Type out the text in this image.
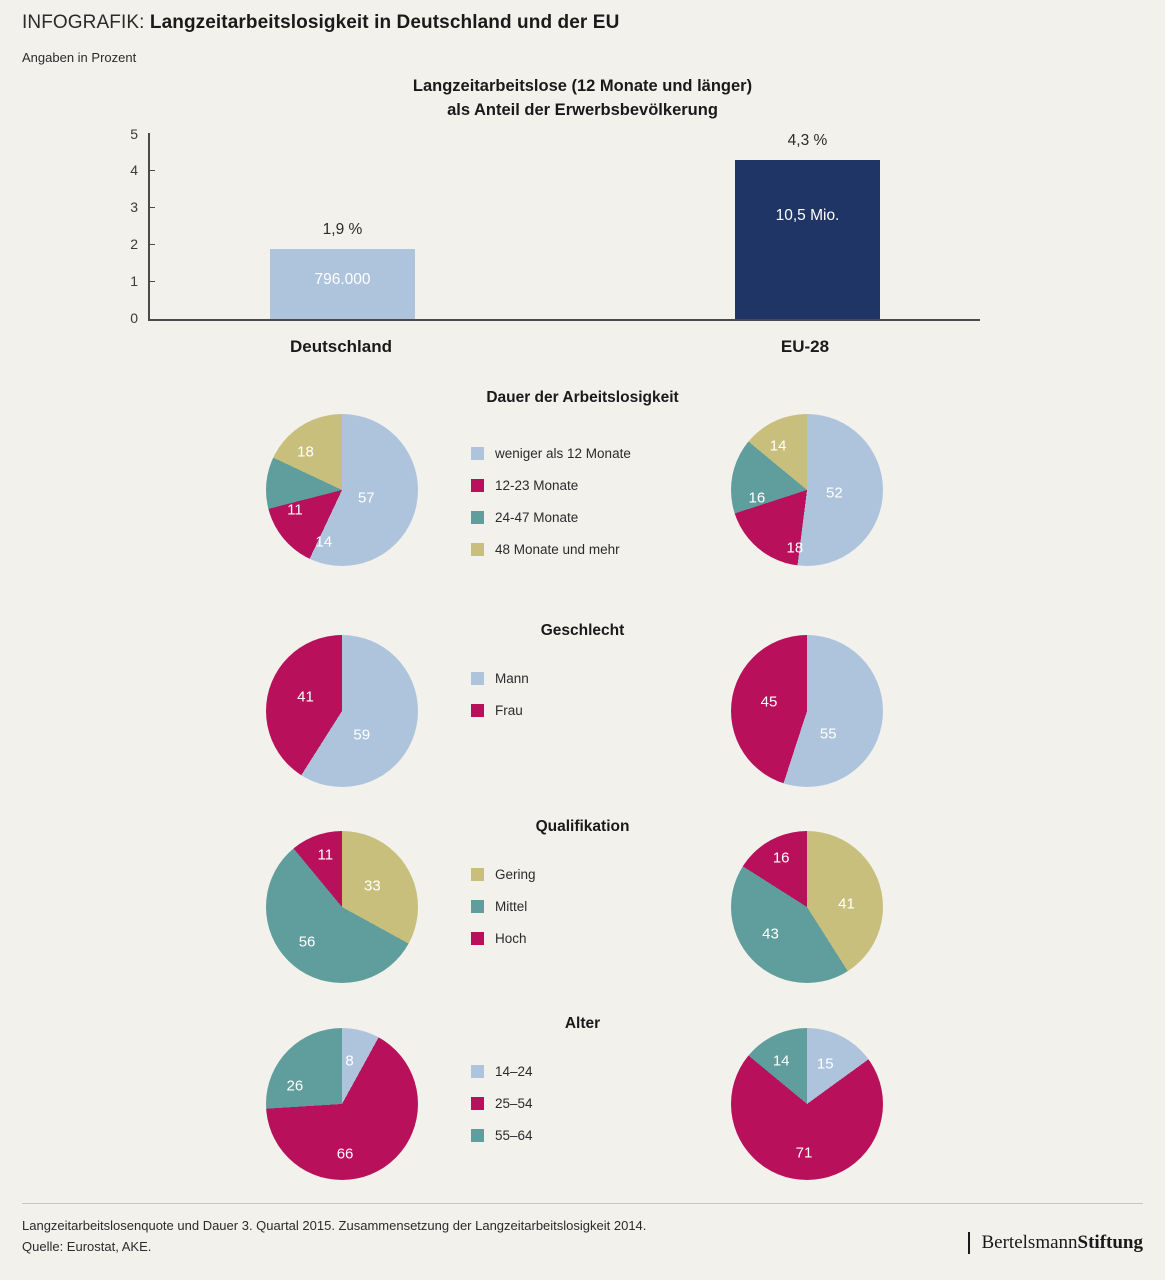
INFOGRAFIK: Langzeitarbeitslosigkeit in Deutschland und der EU
Angaben in Prozent
Langzeitarbeitslose (12 Monate und länger)
als Anteil der Erwerbsbevölkerung
5
4
3
2
1
0
1,9 %
796.000
4,3 %
10,5 Mio.
Deutschland	EU-28
Dauer der Arbeitslosigkeit
weniger als 12 Monate
12-23 Monate
24-47 Monate
48 Monate und mehr
57
14
11
18
52
18
16
14
Geschlecht
Mann
Frau
59
41
55
45
Qualifikation
Gering
Mittel
Hoch
33
56
11
41
43
16
Alter
14–24
25–54
55–64
8
66
26
15
71
14
Langzeitarbeitslosenquote und Dauer 3. Quartal 2015. Zusammensetzung der Langzeitarbeitslosigkeit 2014.
Quelle: Eurostat, AKE.	Bertelsmann Stiftung
